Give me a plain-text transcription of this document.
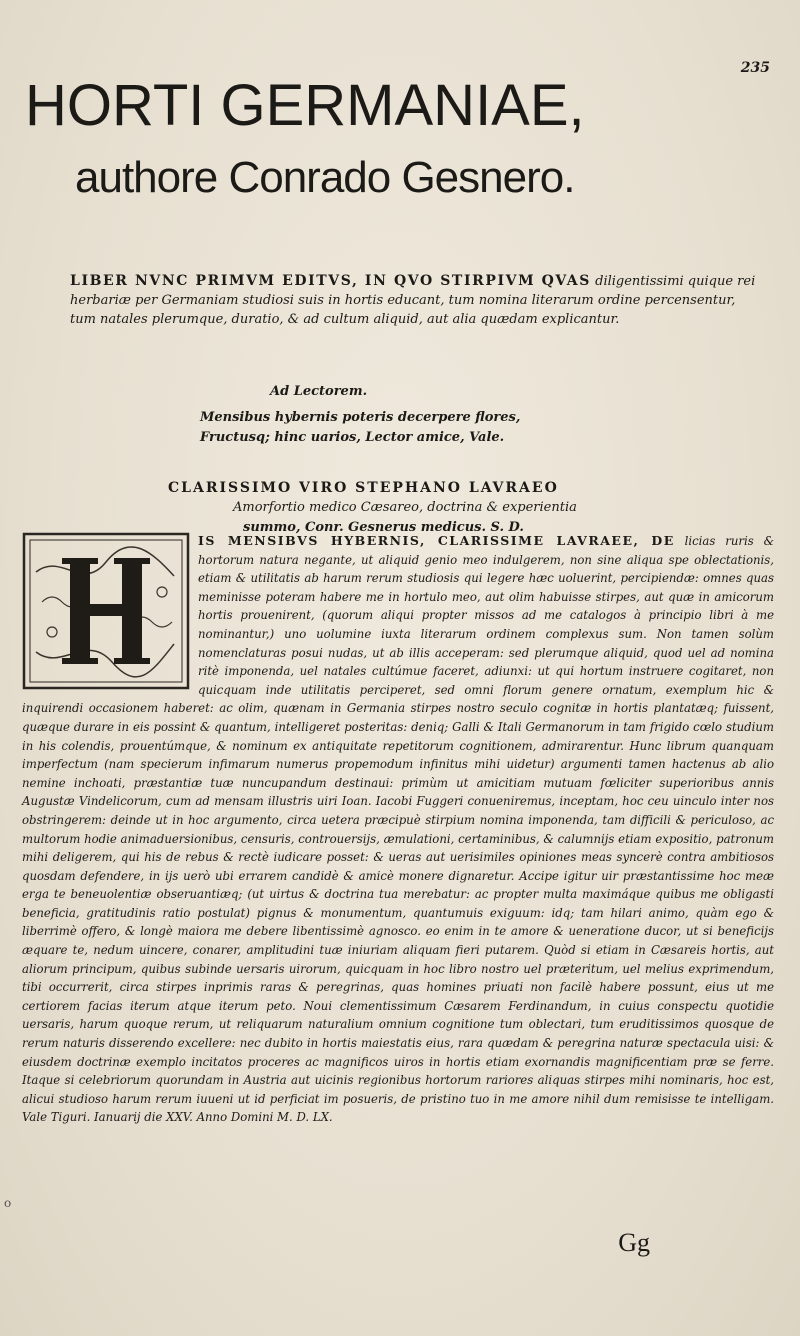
235
HORTI GERMANIAE,
authore Conrado Gesnero.
LIBER NVNC PRIMVM EDITVS, IN QVO STIRPIVM QVAS diligentissimi quique rei herbariæ per Germaniam studiosi suis in hortis educant, tum nomina literarum ordine percensentur, tum natales plerumque, duratio, & ad cultum aliquid, aut alia quædam explicantur.
Ad Lectorem.
Mensibus hybernis poteris decerpere flores,
Fructusq; hinc uarios, Lector amice, Vale.
CLARISSIMO VIRO STEPHANO LAVRAEO
Amorfortio medico Cæsareo, doctrina & experientia
summo, Conr. Gesnerus medicus. S. D.
IS MENSIBVS HYBERNIS, CLARISSIME LAVRAEE, DE licias ruris & hortorum natura negante, ut aliquid genio meo indulgerem, non sine aliqua spe oblectationis, etiam & utilitatis ab harum rerum studiosis qui legere hæc uoluerint, percipiendæ: omnes quas meminisse poteram habere me in hortulo meo, aut olim habuisse stirpes, aut quæ in amicorum hortis prouenirent, (quorum aliqui propter missos ad me catalogos à principio libri à me nominantur,) uno uolumine iuxta literarum ordinem complexus sum. Non tamen solùm nomenclaturas posui nudas, ut ab illis acceperam: sed plerumque aliquid, quod uel ad nomina ritè imponenda, uel natales cultúmue faceret, adiunxi: ut qui hortum instruere cogitaret, non quicquam inde utilitatis perciperet, sed omni florum genere ornatum, exemplum hic & inquirendi occasionem haberet: ac olim, quænam in Germania stirpes nostro seculo cognitæ in hortis plantatæq; fuissent, quæque durare in eis possint & quantum, intelligeret posteritas: deniq; Galli & Itali Germanorum in tam frigido cœlo studium in his colendis, prouentúmque, & nominum ex antiquitate repetitorum cognitionem, admirarentur. Hunc librum quanquam imperfectum (nam specierum infimarum numerus propemodum infinitus mihi uidetur) argumenti tamen hactenus ab alio nemine inchoati, præstantiæ tuæ nuncupandum destinaui: primùm ut amicitiam mutuam fœliciter superioribus annis Augustæ Vindelicorum, cum ad mensam illustris uiri Ioan. Iacobi Fuggeri conueniremus, inceptam, hoc ceu uinculo inter nos obstringerem: deinde ut in hoc argumento, circa uetera præcipuè stirpium nomina imponenda, tam difficili & periculoso, ac multorum hodie animaduersionibus, censuris, controuersijs, æmulationi, certaminibus, & calumnijs etiam expositio, patronum mihi deligerem, qui his de rebus & rectè iudicare posset: & ueras aut uerisimiles opiniones meas syncerè contra ambitiosos quosdam defendere, in ijs uerò ubi errarem candidè & amicè monere dignaretur. Accipe igitur uir præstantissime hoc meæ erga te beneuolentiæ obseruantiæq; (ut uirtus & doctrina tua merebatur: ac propter multa maximáque quibus me obligasti beneficia, gratitudinis ratio postulat) pignus & monumentum, quantumuis exiguum: idq; tam hilari animo, quàm ego & liberrimè offero, & longè maiora me debere libentissimè agnosco. eo enim in te amore & ueneratione ducor, ut si beneficijs æquare te, nedum uincere, conarer, amplitudini tuæ iniuriam aliquam fieri putarem. Quòd si etiam in Cæsareis hortis, aut aliorum principum, quibus subinde uersaris uirorum, quicquam in hoc libro nostro uel præteritum, uel melius exprimendum, tibi occurrerit, circa stirpes inprimis raras & peregrinas, quas homines priuati non facilè habere possunt, eius ut me certiorem facias iterum atque iterum peto. Noui clementissimum Cæsarem Ferdinandum, in cuius conspectu quotidie uersaris, harum quoque rerum, ut reliquarum naturalium omnium cognitione tum oblectari, tum eruditissimos quosque de rerum naturis disserendo excellere: nec dubito in hortis maiestatis eius, rara quædam & peregrina naturæ spectacula uisi: & eiusdem doctrinæ exemplo incitatos proceres ac magnificos uiros in hortis etiam exornandis magnificentiam præ se ferre. Itaque si celebriorum quorundam in Austria aut uicinis regionibus hortorum rariores aliquas stirpes mihi nominaris, hoc est, alicui studioso harum rerum iuueni ut id perficiat im posueris, de pristino tuo in me amore nihil dum remisisse te intelligam. Vale Tiguri. Ianuarij die XXV. Anno Domini M. D. LX.
o
Gg
